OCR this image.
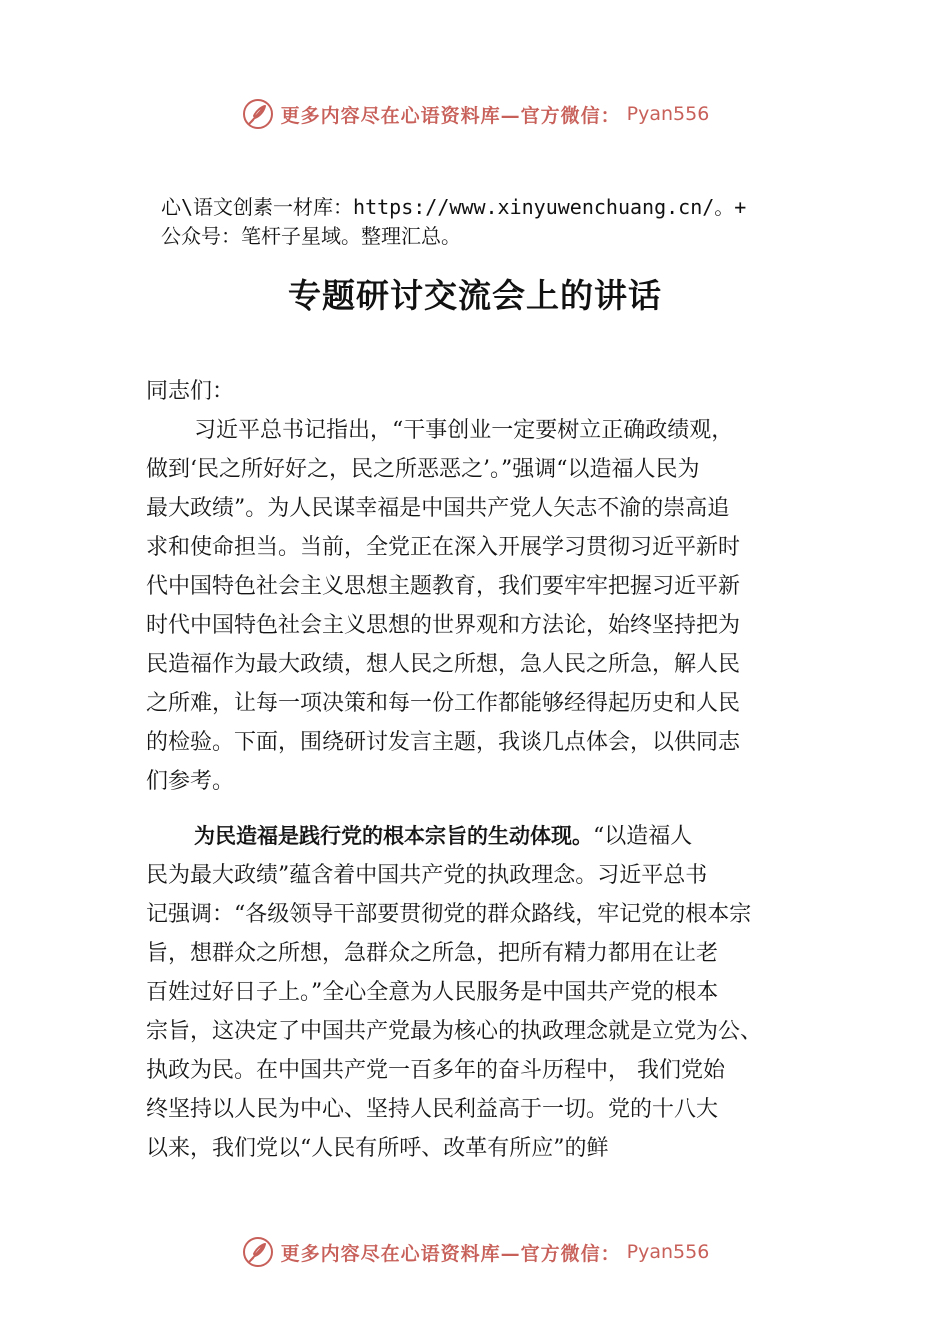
更多内容尽在心语资料库—官方微信： Pyan556
心\语文创素一材库：https://www.xinyuwenchuang.cn/。+
公众号：笔杆子星域。整理汇总。
专题研讨交流会上的讲话
同志们：
习近平总书记指出，“干事创业一定要树立正确政绩观，
做到‘民之所好好之，民之所恶恶之’。”强调“以造福人民为
最大政绩”。为人民谋幸福是中国共产党人矢志不渝的崇高追
求和使命担当。当前，全党正在深入开展学习贯彻习近平新时
代中国特色社会主义思想主题教育，我们要牢牢把握习近平新
时代中国特色社会主义思想的世界观和方法论，始终坚持把为
民造福作为最大政绩，想人民之所想，急人民之所急，解人民
之所难，让每一项决策和每一份工作都能够经得起历史和人民
的检验。下面，围绕研讨发言主题，我谈几点体会，以供同志
们参考。
为民造福是践行党的根本宗旨的生动体现。“以造福人
民为最大政绩”蕴含着中国共产党的执政理念。习近平总书
记强调：“各级领导干部要贯彻党的群众路线，牢记党的根本宗
旨，想群众之所想，急群众之所急，把所有精力都用在让老
百姓过好日子上。”全心全意为人民服务是中国共产党的根本
宗旨，这决定了中国共产党最为核心的执政理念就是立党为公、
执政为民。在中国共产党一百多年的奋斗历程中， 我们党始
终坚持以人民为中心、坚持人民利益高于一切。党的十八大
以来，我们党以“人民有所呼、改革有所应”的鲜
更多内容尽在心语资料库—官方微信： Pyan556
